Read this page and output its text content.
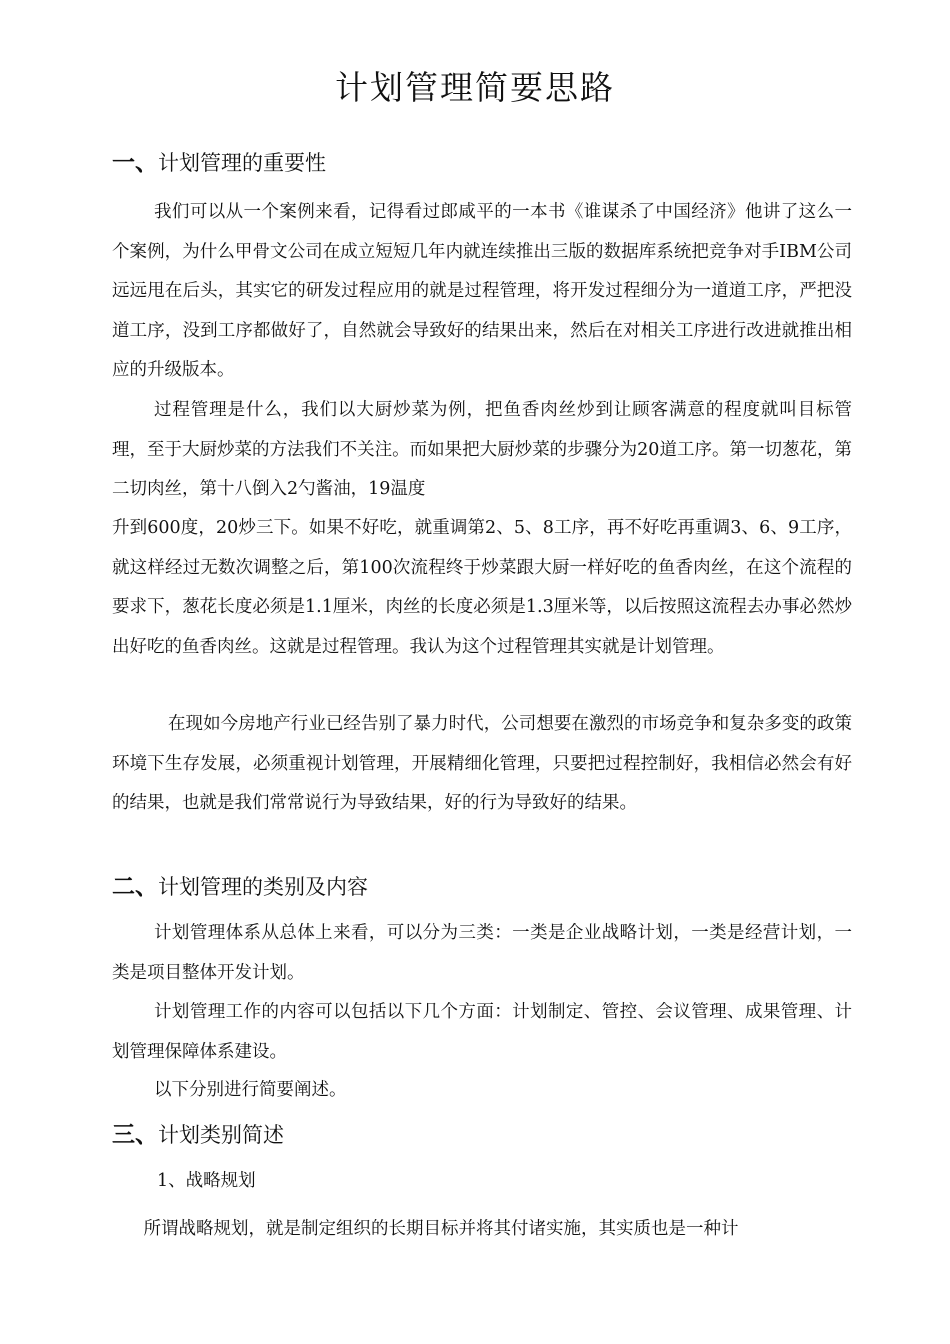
计划管理简要思路
一、计划管理的重要性
我们可以从一个案例来看，记得看过郎咸平的一本书《谁谋杀了中国经济》他讲了这么一个案例，为什么甲骨文公司在成立短短几年内就连续推出三版的数据库系统把竞争对手IBM公司远远甩在后头，其实它的研发过程应用的就是过程管理，将开发过程细分为一道道工序，严把没道工序，没到工序都做好了，自然就会导致好的结果出来，然后在对相关工序进行改进就推出相应的升级版本。
过程管理是什么，我们以大厨炒菜为例，把鱼香肉丝炒到让顾客满意的程度就叫目标管理，至于大厨炒菜的方法我们不关注。而如果把大厨炒菜的步骤分为20道工序。第一切葱花，第二切肉丝，第十八倒入2勺酱油，19温度
升到600度，20炒三下。如果不好吃，就重调第2、5、8工序，再不好吃再重调3、6、9工序，就这样经过无数次调整之后，第100次流程终于炒菜跟大厨一样好吃的鱼香肉丝，在这个流程的要求下，葱花长度必须是1.1厘米，肉丝的长度必须是1.3厘米等，以后按照这流程去办事必然炒出好吃的鱼香肉丝。这就是过程管理。我认为这个过程管理其实就是计划管理。
在现如今房地产行业已经告别了暴力时代，公司想要在激烈的市场竞争和复杂多变的政策环境下生存发展，必须重视计划管理，开展精细化管理，只要把过程控制好，我相信必然会有好的结果，也就是我们常常说行为导致结果，好的行为导致好的结果。
二、计划管理的类别及内容
计划管理体系从总体上来看，可以分为三类：一类是企业战略计划，一类是经营计划，一类是项目整体开发计划。
计划管理工作的内容可以包括以下几个方面：计划制定、管控、会议管理、成果管理、计划管理保障体系建设。
以下分别进行简要阐述。
三、计划类别简述
1、战略规划
所谓战略规划，就是制定组织的长期目标并将其付诸实施，其实质也是一种计
